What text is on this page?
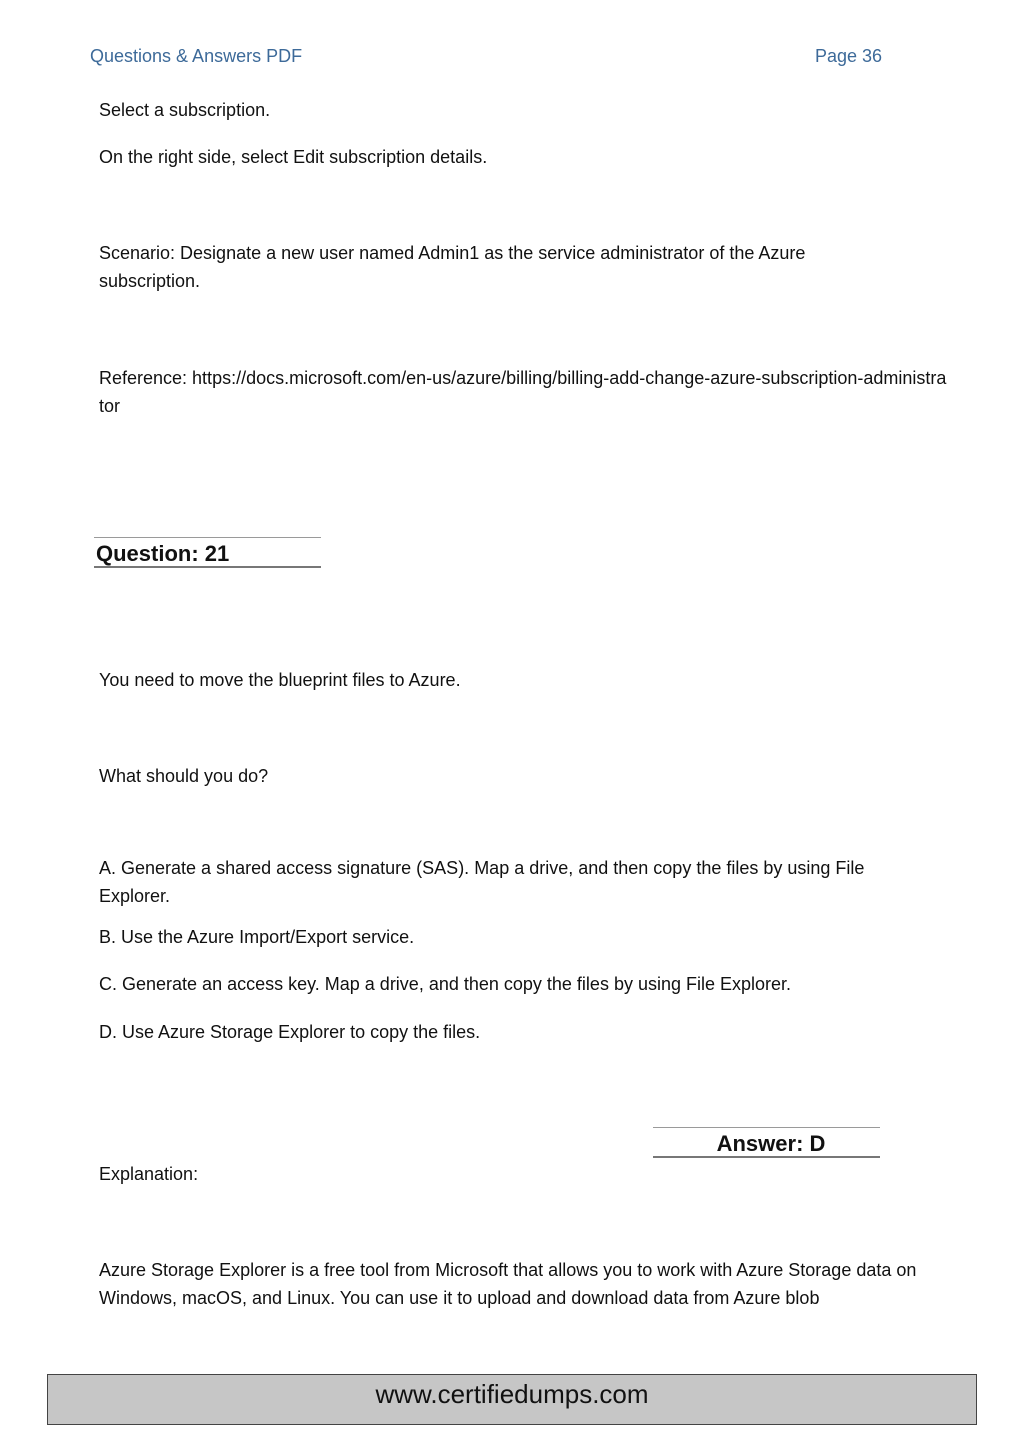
Questions & Answers PDF	Page 36
Select a subscription.
On the right side, select Edit subscription details.
Scenario: Designate a new user named Admin1 as the service administrator of the Azure subscription.
Reference: https://docs.microsoft.com/en-us/azure/billing/billing-add-change-azure-subscription-administrator
Question: 21
You need to move the blueprint files to Azure.
What should you do?
A. Generate a shared access signature (SAS). Map a drive, and then copy the files by using File Explorer.
B. Use the Azure Import/Export service.
C. Generate an access key. Map a drive, and then copy the files by using File Explorer.
D. Use Azure Storage Explorer to copy the files.
Answer: D
Explanation:
Azure Storage Explorer is a free tool from Microsoft that allows you to work with Azure Storage data on Windows, macOS, and Linux. You can use it to upload and download data from Azure blob
www.certifiedumps.com
